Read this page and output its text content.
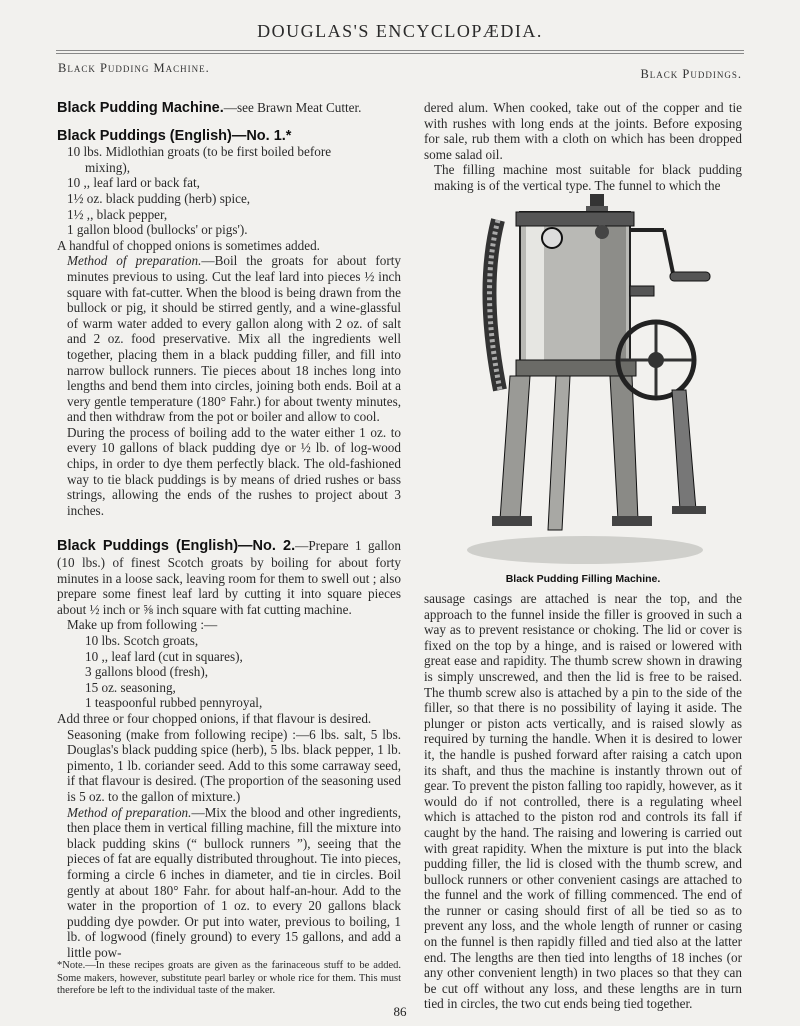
DOUGLAS'S ENCYCLOPÆDIA.
Black Pudding Machine.	Black Puddings.

Black Pudding Machine.—see Brawn Meat Cutter.

Black Puddings (English)—No. 1.*

10 lbs. Midlothian groats (to be first boiled before

mixing),

10 ,, leaf lard or back fat,

1½ oz. black pudding (herb) spice,

1½ ,, black pepper,

1 gallon blood (bullocks' or pigs').

A handful of chopped onions is sometimes added.

Method of preparation.—Boil the groats for about forty minutes previous to using. Cut the leaf lard into pieces ½ inch square with fat-cutter. When the blood is being drawn from the bullock or pig, it should be stirred gently, and a wine-glassful of warm water added to every gallon along with 2 oz. of salt and 2 oz. food preservative. Mix all the ingredients well together, placing them in a black pudding filler, and fill into narrow bullock runners. Tie pieces about 18 inches long into lengths and bend them into circles, joining both ends. Boil at a very gentle temperature (180° Fahr.) for about twenty minutes, and then withdraw from the pot or boiler and allow to cool.

During the process of boiling add to the water either 1 oz. to every 10 gallons of black pudding dye or ½ lb. of log-wood chips, in order to dye them perfectly black. The old-fashioned way to tie black puddings is by means of dried rushes or bass strings, allowing the ends of the rushes to project about 3 inches.

Black Puddings (English)—No. 2.—Prepare 1 gallon (10 lbs.) of finest Scotch groats by boiling for about forty minutes in a loose sack, leaving room for them to swell out ; also prepare some finest leaf lard by cutting it into square pieces about ½ inch or ⅝ inch square with fat cutting machine.

Make up from following :—

10 lbs. Scotch groats,

10 ,, leaf lard (cut in squares),

3 gallons blood (fresh),

15 oz. seasoning,

1 teaspoonful rubbed pennyroyal,

Add three or four chopped onions, if that flavour is desired.

Seasoning (make from following recipe) :—6 lbs. salt, 5 lbs. Douglas's black pudding spice (herb), 5 lbs. black pepper, 1 lb. pimento, 1 lb. coriander seed. Add to this some carraway seed, if that flavour is desired. (The proportion of the seasoning used is 5 oz. to the gallon of mixture.)

Method of preparation.—Mix the blood and other ingredients, then place them in vertical filling machine, fill the mixture into black pudding skins (“ bullock runners ”), seeing that the pieces of fat are equally distributed throughout. Tie into pieces, forming a circle 6 inches in diameter, and tie in circles. Boil gently at about 180° Fahr. for about half-an-hour. Add to the water in the proportion of 1 oz. to every 20 gallons black pudding dye powder. Or put into water, previous to boiling, 1 lb. of logwood (finely ground) to every 15 gallons, and add a little pow-

*Note.—In these recipes groats are given as the farinaceous stuff to be added. Some makers, however, substitute pearl barley or whole rice for them. This must therefore be left to the individual taste of the maker.

dered alum. When cooked, take out of the copper and tie with rushes with long ends at the joints. Before exposing for sale, rub them with a cloth on which has been dropped some salad oil.

The filling machine most suitable for black pudding making is of the vertical type. The funnel to which the

Black Pudding Filling Machine.

sausage casings are attached is near the top, and the approach to the funnel inside the filler is grooved in such a way as to prevent resistance or choking. The lid or cover is fixed on the top by a hinge, and is raised or lowered with great ease and rapidity. The thumb screw shown in drawing is simply unscrewed, and then the lid is free to be raised. The thumb screw also is attached by a pin to the side of the filler, so that there is no possibility of laying it aside. The plunger or piston acts vertically, and is raised slowly as required by turning the handle. When it is desired to lower it, the handle is pushed forward after raising a catch upon its shaft, and thus the machine is instantly thrown out of gear. To prevent the piston falling too rapidly, however, as it would do if not controlled, there is a regulating wheel which is attached to the piston rod and controls its fall if caught by the hand. The raising and lowering is carried out with great rapidity. When the mixture is put into the black pudding filler, the lid is closed with the thumb screw, and bullock runners or other convenient casings are attached to the funnel and the work of filling commenced. The end of the runner or casing should first of all be tied so as to prevent any loss, and the whole length of runner or casing on the funnel is then rapidly filled and tied also at the latter end. The lengths are then tied into lengths of 18 inches (or any other convenient length) in two places so that they can be cut off without any loss, and these lengths are in turn tied in circles, the two cut ends being tied together.

86
